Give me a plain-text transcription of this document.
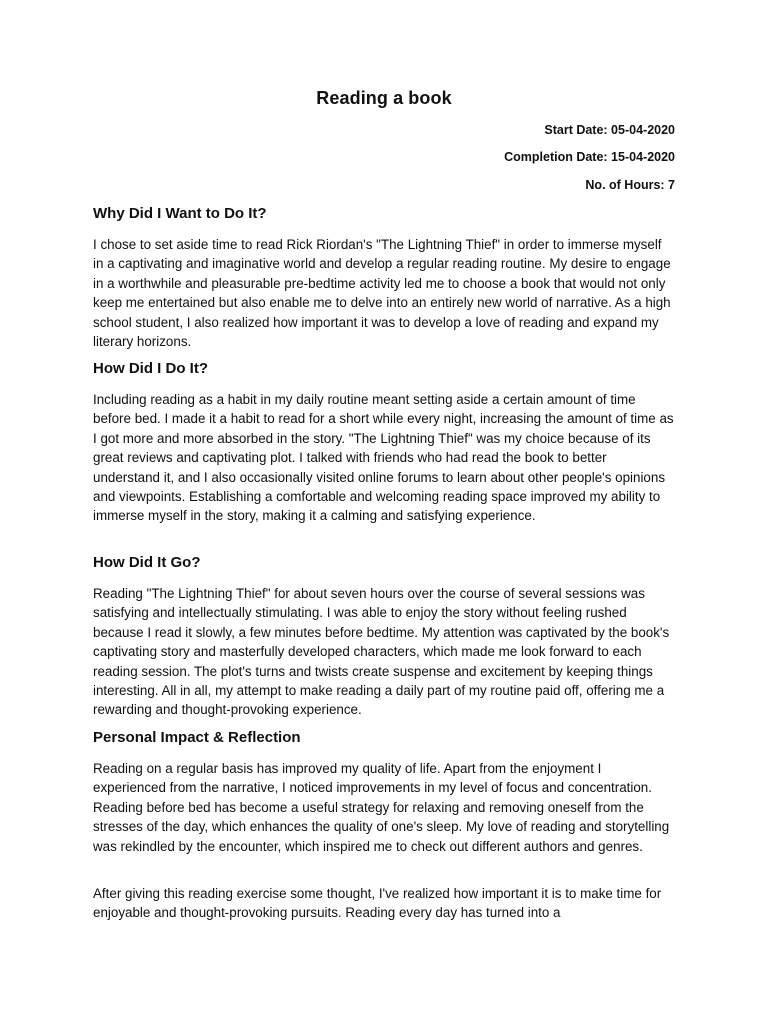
Reading a book

Start Date: 05-04-2020

Completion Date: 15-04-2020

No. of Hours: 7

Why Did I Want to Do It?

I chose to set aside time to read Rick Riordan's "The Lightning Thief" in order to immerse myself in a captivating and imaginative world and develop a regular reading routine. My desire to engage in a worthwhile and pleasurable pre-bedtime activity led me to choose a book that would not only keep me entertained but also enable me to delve into an entirely new world of narrative. As a high school student, I also realized how important it was to develop a love of reading and expand my literary horizons.

How Did I Do It?

Including reading as a habit in my daily routine meant setting aside a certain amount of time before bed. I made it a habit to read for a short while every night, increasing the amount of time as I got more and more absorbed in the story. "The Lightning Thief" was my choice because of its great reviews and captivating plot. I talked with friends who had read the book to better understand it, and I also occasionally visited online forums to learn about other people's opinions and viewpoints. Establishing a comfortable and welcoming reading space improved my ability to immerse myself in the story, making it a calming and satisfying experience.

How Did It Go?

Reading "The Lightning Thief" for about seven hours over the course of several sessions was satisfying and intellectually stimulating. I was able to enjoy the story without feeling rushed because I read it slowly, a few minutes before bedtime. My attention was captivated by the book's captivating story and masterfully developed characters, which made me look forward to each reading session. The plot's turns and twists create suspense and excitement by keeping things interesting. All in all, my attempt to make reading a daily part of my routine paid off, offering me a rewarding and thought-provoking experience.

Personal Impact & Reflection

Reading on a regular basis has improved my quality of life. Apart from the enjoyment I experienced from the narrative, I noticed improvements in my level of focus and concentration. Reading before bed has become a useful strategy for relaxing and removing oneself from the stresses of the day, which enhances the quality of one's sleep. My love of reading and storytelling was rekindled by the encounter, which inspired me to check out different authors and genres.

After giving this reading exercise some thought, I've realized how important it is to make time for enjoyable and thought-provoking pursuits. Reading every day has turned into a
